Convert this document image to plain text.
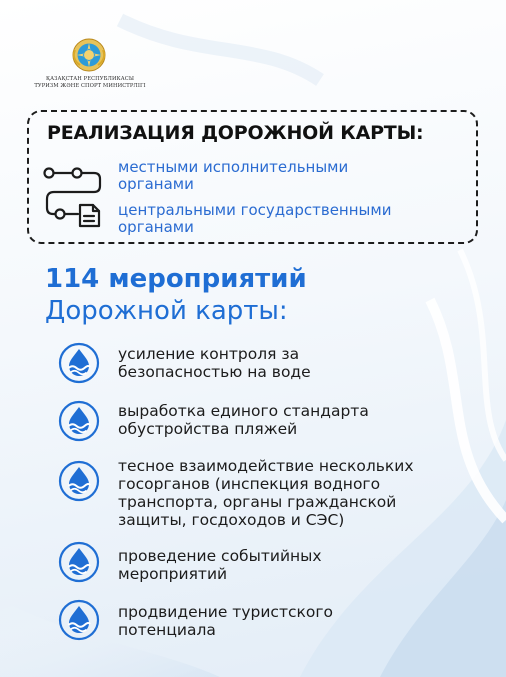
ҚАЗАҚСТАН РЕСПУБЛИКАСЫ
ТУРИЗМ ЖӘНЕ СПОРТ МИНИСТРЛІГІ
РЕАЛИЗАЦИЯ ДОРОЖНОЙ КАРТЫ:
местными исполнительными
органами
центральными государственными
органами
114 мероприятий
Дорожной карты:
усиление контроля за
безопасностью на воде
выработка единого стандарта
обустройства пляжей
тесное взаимодействие нескольких
госорганов (инспекция водного
транспорта, органы гражданской
защиты, госдоходов и СЭС)
проведение событийных
мероприятий
продвидение туристского
потенциала
